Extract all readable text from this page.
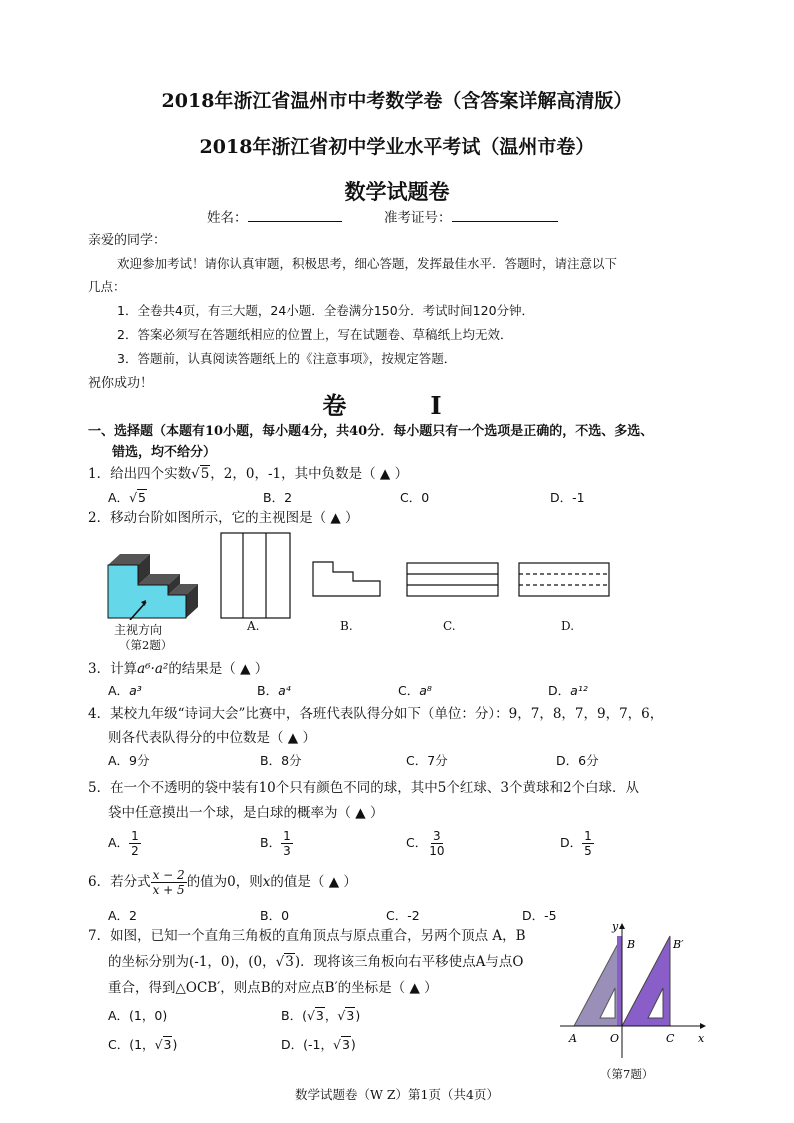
2018年浙江省温州市中考数学卷（含答案详解高清版）
2018年浙江省初中学业水平考试（温州市卷）
数学试题卷
姓名：	准考证号：
亲爱的同学：
欢迎参加考试！请你认真审题，积极思考，细心答题，发挥最佳水平．答题时，请注意以下
几点：
1．全卷共4页，有三大题，24小题．全卷满分150分．考试时间120分钟．
2．答案必须写在答题纸相应的位置上，写在试题卷、草稿纸上均无效．
3．答题前，认真阅读答题纸上的《注意事项》，按规定答题．
祝你成功！
卷　I
一、选择题（本题有10小题，每小题4分，共40分．每小题只有一个选项是正确的，不选、多选、
错选，均不给分）
1．给出四个实数√5，2，0，-1，其中负数是（ ▲ ）
A．√5	B．2	C．0	D．-1
2．移动台阶如图所示，它的主视图是（ ▲ ）
主视方向	A.	B.	C.	D.
（第2题）
3．计算a⁶·a²的结果是（ ▲ ）
A．a³	B．a⁴	C．a⁸	D．a¹²
4．某校九年级“诗词大会”比赛中，各班代表队得分如下（单位：分）：9，7，8，7，9，7，6，
则各代表队得分的中位数是（ ▲ ）
A．9分	B．8分	C．7分	D．6分
5．在一个不透明的袋中装有10个只有颜色不同的球，其中5个红球、3个黄球和2个白球．从
袋中任意摸出一个球，是白球的概率为（ ▲ ）
A． $\frac{1}{2}$	B． $\frac{1}{3}$	C． $\frac{3}{10}$	D． $\frac{1}{5}$
6．若分式 $\frac{x - 2}{x + 5}$ 的值为0，则x的值是（ ▲ ）
A．2	B．0	C．-2	D．-5
7．如图，已知一个直角三角板的直角顶点与原点重合，另两个顶点 A，B
的坐标分别为(-1，0)，(0，√3)．现将该三角板向右平移使点A与点O
重合，得到△OCB′，则点B的对应点B′的坐标是（ ▲ ）
A．(1，0)	B．(√3，√3)
C．(1，√3)	D．(-1，√3)
y
B	B′
A	O	C x
（第7题）
数学试题卷（W Z）第1页（共4页）
